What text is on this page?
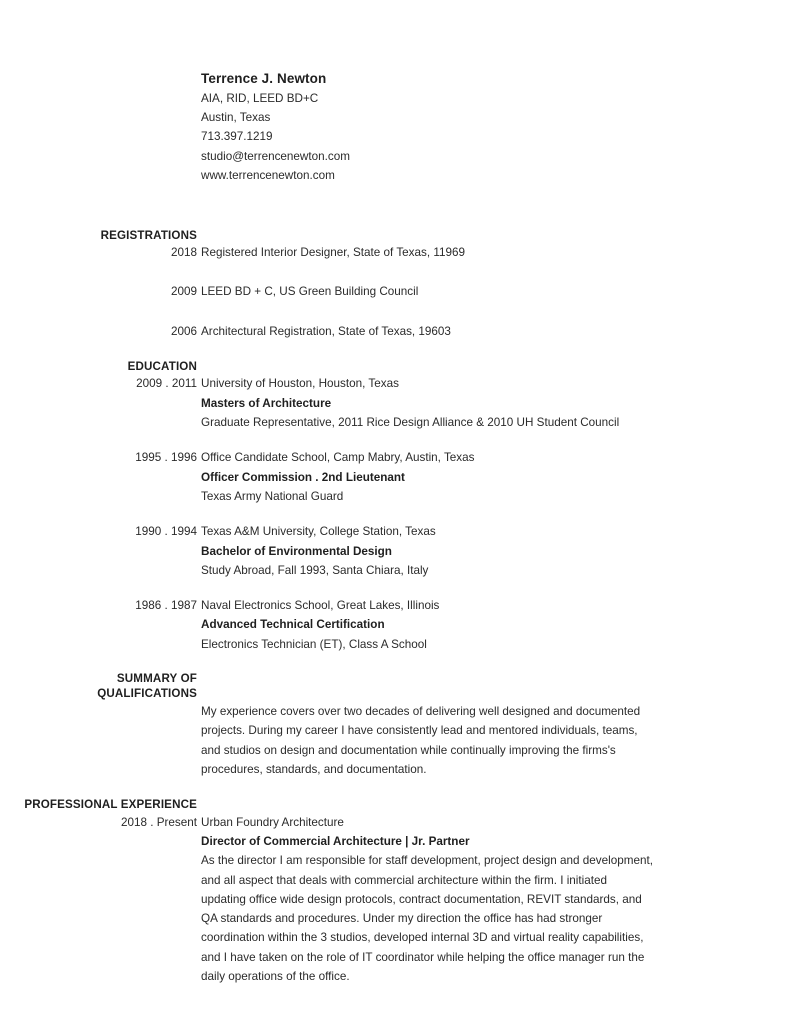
Terrence J. Newton
AIA, RID, LEED BD+C
Austin, Texas
713.397.1219
studio@terrencenewton.com
www.terrencenewton.com
REGISTRATIONS
2018 Registered Interior Designer, State of Texas, 11969
2009 LEED BD + C, US Green Building Council
2006 Architectural Registration, State of Texas, 19603
EDUCATION
2009 . 2011 University of Houston, Houston, Texas
Masters of Architecture
Graduate Representative, 2011 Rice Design Alliance & 2010 UH Student Council
1995 . 1996 Office Candidate School, Camp Mabry, Austin, Texas
Officer Commission . 2nd Lieutenant
Texas Army National Guard
1990 . 1994 Texas A&M University, College Station, Texas
Bachelor of Environmental Design
Study Abroad, Fall 1993, Santa Chiara, Italy
1986 . 1987 Naval Electronics School, Great Lakes, Illinois
Advanced Technical Certification
Electronics Technician (ET), Class A School
SUMMARY OF
QUALIFICATIONS
My experience covers over two decades of delivering well designed and documented projects. During my career I have consistently lead and mentored individuals, teams, and studios on design and documentation while continually improving the firms's procedures, standards, and documentation.
PROFESSIONAL EXPERIENCE
2018 . Present Urban Foundry Architecture
Director of Commercial Architecture | Jr. Partner
As the director I am responsible for staff development, project design and development, and all aspect that deals with commercial architecture within the firm. I initiated updating office wide design protocols, contract documentation, REVIT standards, and QA standards and procedures. Under my direction the office has had stronger coordination within the 3 studios, developed internal 3D and virtual reality capabilities, and I have taken on the role of IT coordinator while helping the office manager run the daily operations of the office.
